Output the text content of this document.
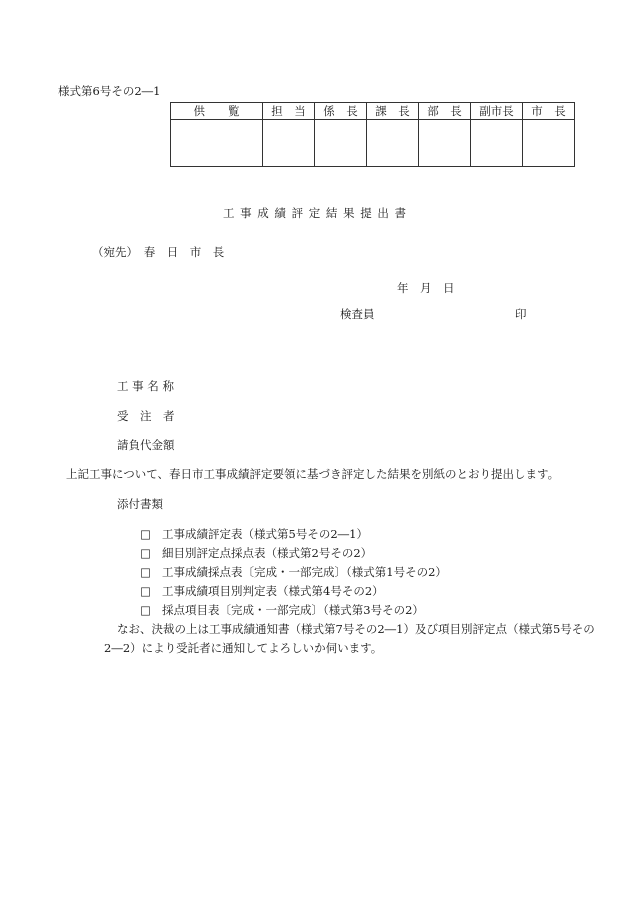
様式第6号その2―1
供　　覧	担　当	係　長	課　長	部　長	副市長	市　長

工 事 成 績 評 定 結 果 提 出 書
（宛先）　春　日　市　長
年　月　日
検査員	印
工 事 名 称
受　注　者
請負代金額
上記工事について、春日市工事成績評定要領に基づき評定した結果を別紙のとおり提出します。
添付書類
□ 工事成績評定表（様式第5号その2―1）
□ 細目別評定点採点表（様式第2号その2）
□ 工事成績採点表〔完成・一部完成〕（様式第1号その2）
□ 工事成績項目別判定表（様式第4号その2）
□ 採点項目表〔完成・一部完成〕（様式第3号その2）
なお、決裁の上は工事成績通知書（様式第7号その2―1）及び項目別評定点（様式第5号その
2―2）により受託者に通知してよろしいか伺います。
